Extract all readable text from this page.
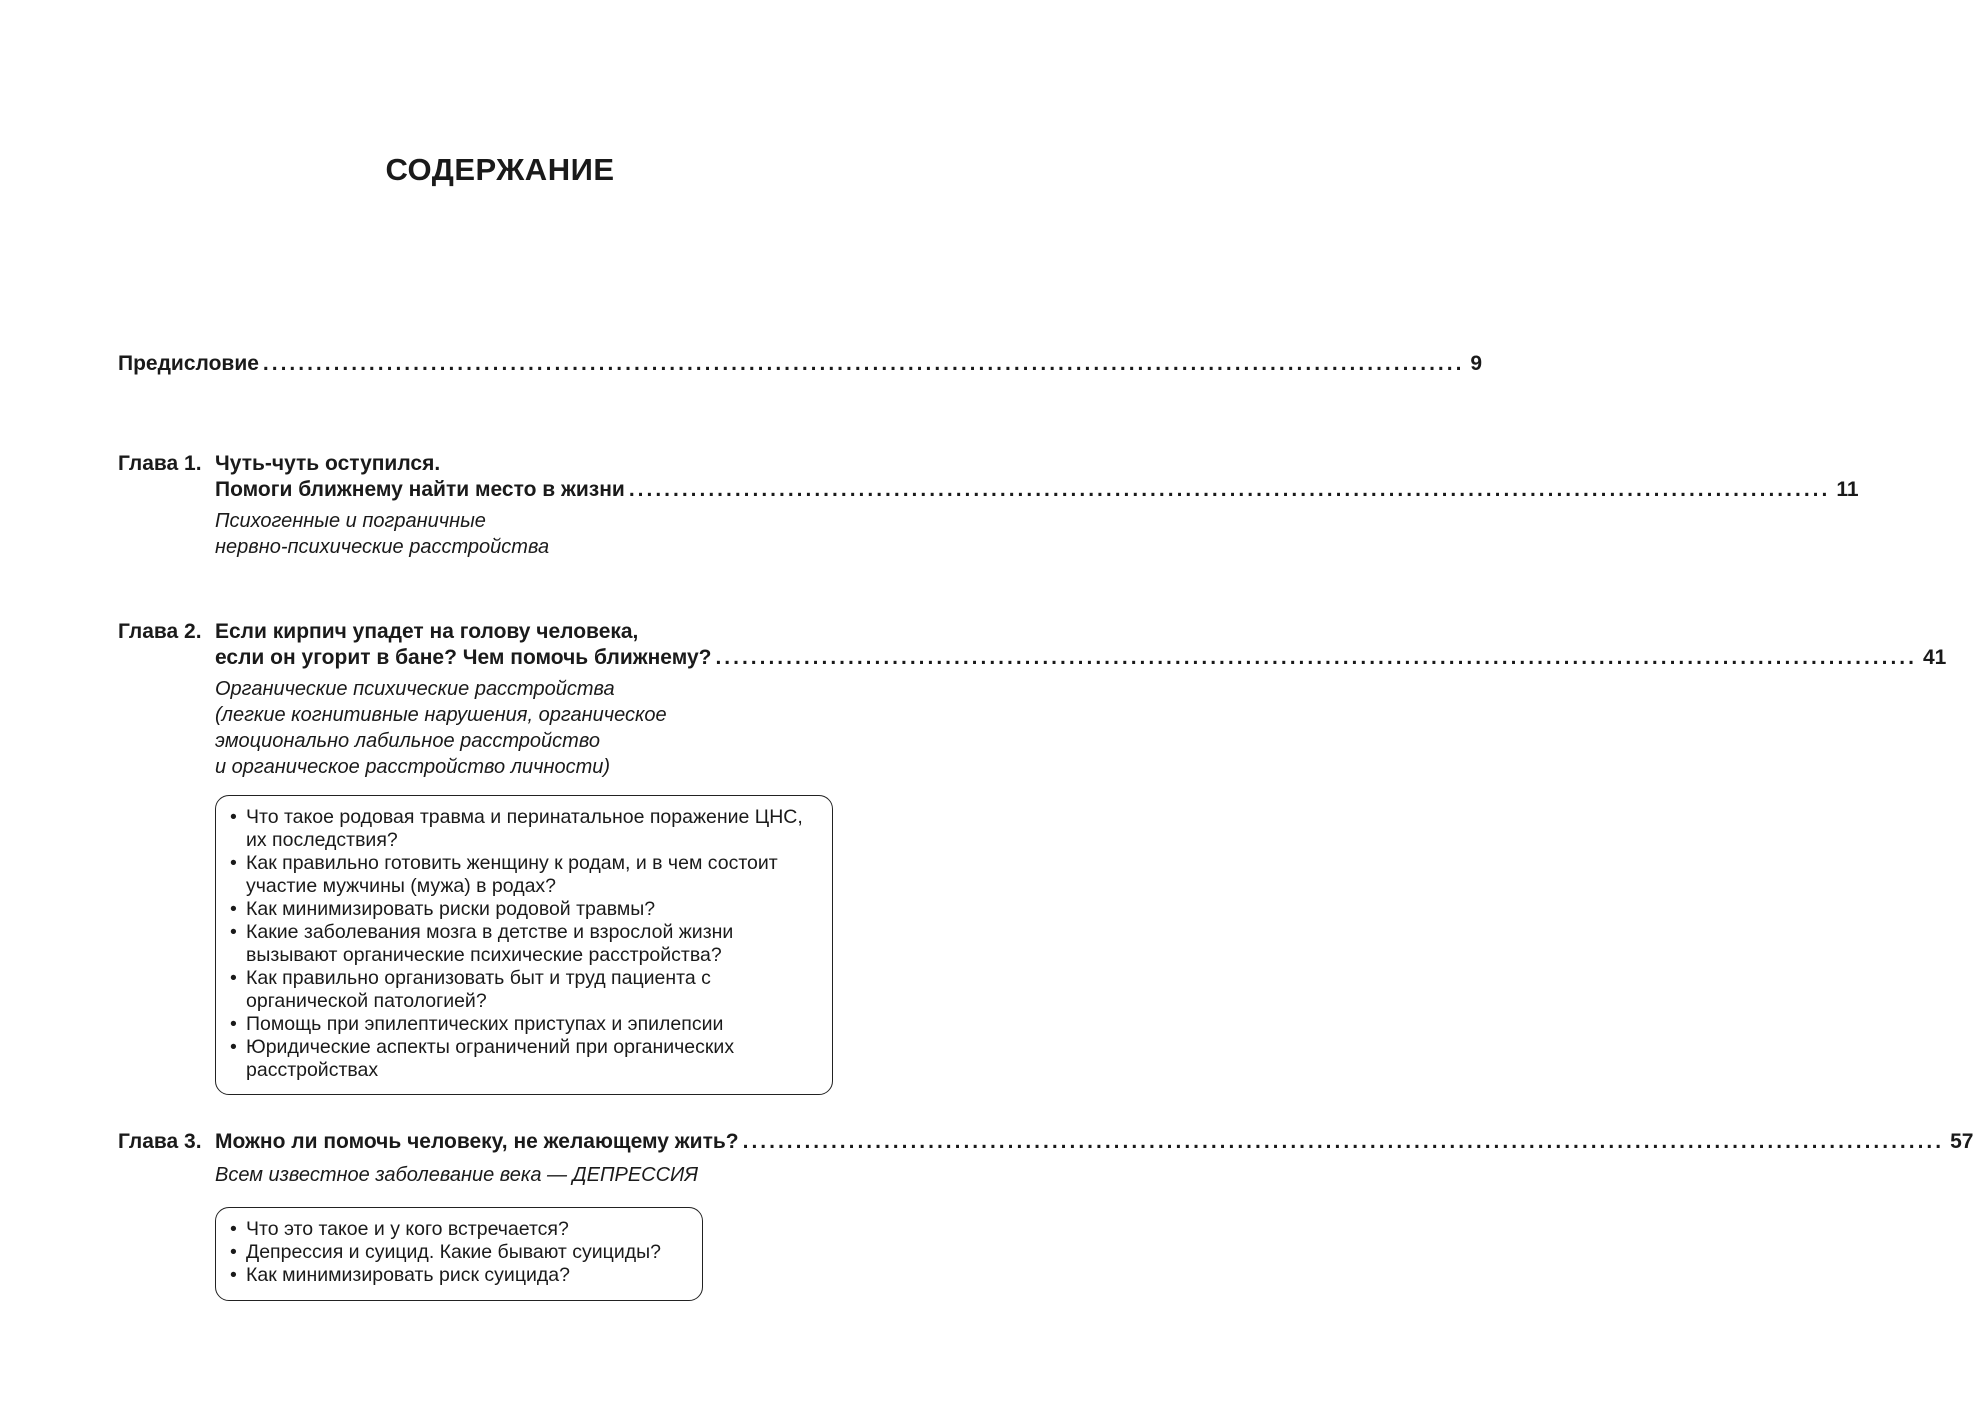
СОДЕРЖАНИЕ
Предисловие ........................................................................................................................................ 9
Глава 1. Чуть-чуть оступился.
Помоги ближнему найти место в жизни ........................................................................................................................................ 11
Психогенные и пограничные
нервно-психические расстройства
Глава 2. Если кирпич упадет на голову человека,
если он угорит в бане? Чем помочь ближнему? ........................................................................................................................................ 41
Органические психические расстройства
(легкие когнитивные нарушения, органическое
эмоционально лабильное расстройство
и органическое расстройство личности)
• Что такое родовая травма и перинатальное поражение ЦНС, их последствия?
• Как правильно готовить женщину к родам, и в чем состоит участие мужчины (мужа) в родах?
• Как минимизировать риски родовой травмы?
• Какие заболевания мозга в детстве и взрослой жизни вызывают органические психические расстройства?
• Как правильно организовать быт и труд пациента с органической патологией?
• Помощь при эпилептических приступах и эпилепсии
• Юридические аспекты ограничений при органических расстройствах
Глава 3. Можно ли помочь человеку, не желающему жить? ........................................................................................................................................ 57
Всем известное заболевание века — ДЕПРЕССИЯ
• Что это такое и у кого встречается?
• Депрессия и суицид. Какие бывают суициды?
• Как минимизировать риск суицида?
